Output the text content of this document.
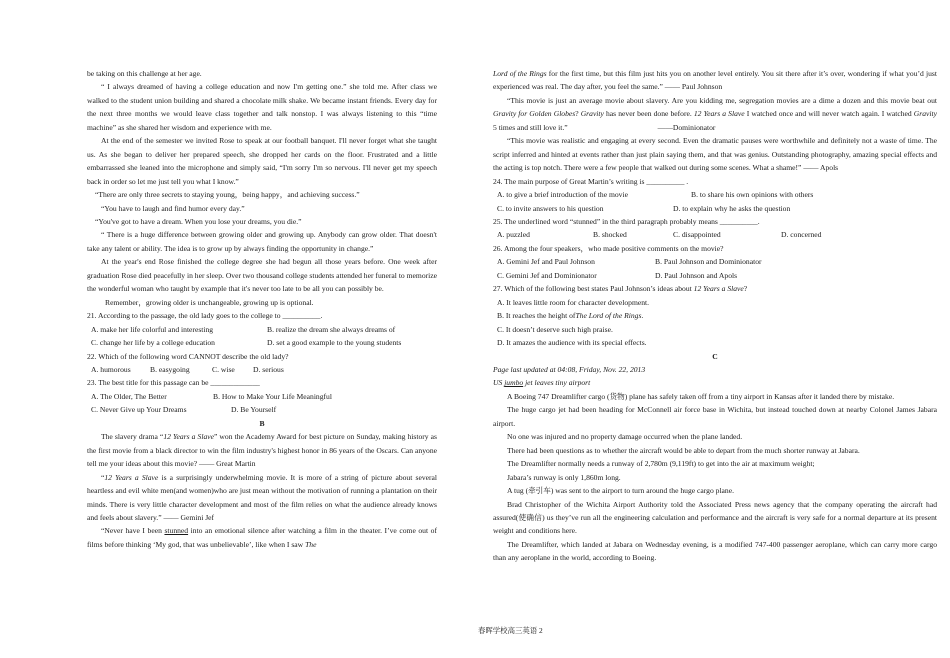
be taking on this challenge at her age.

“ I always dreamed of having a college education and now I'm getting one.” she told me. After class we walked to the student union building and shared a chocolate milk shake. We became instant friends. Every day for the next three months we would leave class together and talk nonstop. I was always listening to this “time machine” as she shared her wisdom and experience with me.

At the end of the semester we invited Rose to speak at our football banquet. I'll never forget what she taught us. As she began to deliver her prepared speech, she dropped her cards on the floor. Frustrated and a little embarrassed she leaned into the microphone and simply said, “I'm sorry I'm so nervous. I'll never get my speech back in order so let me just tell you what I know.”

“There are only three secrets to staying young，being happy，and achieving success.”

“You have to laugh and find humor every day.”

“You've got to have a dream. When you lose your dreams, you die.”

“ There is a huge difference between growing older and growing up. Anybody can grow older. That doesn't take any talent or ability. The idea is to grow up by always finding the opportunity in change.”

At the year's end Rose finished the college degree she had begun all those years before. One week after graduation Rose died peacefully in her sleep. Over two thousand college students attended her funeral to memorize the wonderful woman who taught by example that it's never too late to be all you can possibly be.

Remember，growing older is unchangeable, growing up is optional.

21. According to the passage, the old lady goes to the college to __________.

A. make her life colorful and interesting	B. realize the dream she always dreams of
C. change her life by a college education	D. set a good example to the young students

22. Which of the following word CANNOT describe the old lady?

A. humorous	B. easygoing	C. wise	D. serious

23. The best title for this passage can be _____________

A. The Older, The Better	B. How to Make Your Life Meaningful
C. Never Give up Your Dreams	D. Be Yourself

B

The slavery drama “12 Years a Slave” won the Academy Award for best picture on Sunday, making history as the first movie from a black director to win the film industry's highest honor in 86 years of the Oscars. Can anyone tell me your ideas about this movie? —— Great Martin

“12 Years a Slave is a surprisingly underwhelming movie. It is more of a string of picture about several heartless and evil white men(and women)who are just mean without the motivation of running a plantation on their minds. There is very little character development and most of the film relies on what the audience already knows and feels about slavery.” —— Gemini Jef

“Never have I been stunned into an emotional silence after watching a film in the theater. I’ve come out of films before thinking ‘My god, that was unbelievable’, like when I saw The

Lord of the Rings for the first time, but this film just hits you on another level entirely. You sit there after it’s over, wondering if what you’d just experienced was real. The day after, you feel the same.” —— Paul Johnson

“This movie is just an average movie about slavery. Are you kidding me, segregation movies are a dime a dozen and this movie beat out Gravity for Golden Globes? Gravity has never been done before. 12 Years a Slave I watched once and will never watch again. I watched Gravity 5 times and still love it.”	——Dominionator

“This movie was realistic and engaging at every second. Even the dramatic pauses were worthwhile and definitely not a waste of time. The script inferred and hinted at events rather than just plain saying them, and that was genius. Outstanding photography, amazing special effects and the acting is top notch. There were a few people that walked out during some scenes. What a shame!” —— Apols

24. The main purpose of Great Martin’s writing is __________ .

A. to give a brief introduction of the movie	B. to share his own opinions with others
C. to invite answers to his question	D. to explain why he asks the question

25. The underlined word “stunned” in the third paragraph probably means __________.

A. puzzled	B. shocked	C. disappointed	D. concerned

26. Among the four speakers，who made positive comments on the movie?

A. Gemini Jef and Paul Johnson	B. Paul Johnson and Dominionator
C. Gemini Jef and Dominionator	D. Paul Johnson and Apols

27. Which of the following best states Paul Johnson’s ideas about 12 Years a Slave?

A. It leaves little room for character development.
B. It reaches the height ofThe Lord of the Rings.
C. It doesn’t deserve such high praise.
D. It amazes the audience with its special effects.

C

Page last updated at 04:08, Friday, Nov. 22, 2013

US jumbo jet leaves tiny airport

A Boeing 747 Dreamlifter cargo (货物) plane has safely taken off from a tiny airport in Kansas after it landed there by mistake.

The huge cargo jet had been heading for McConnell air force base in Wichita, but instead touched down at nearby Colonel James Jabara airport.

No one was injured and no property damage occurred when the plane landed.

There had been questions as to whether the aircraft would be able to depart from the much shorter runway at Jabara.

The Dreamlifter normally needs a runway of 2,780m (9,119ft) to get into the air at maximum weight;

Jabara’s runway is only 1,860m long.

A tug (牵引车) was sent to the airport to turn around the huge cargo plane.

Brad Christopher of the Wichita Airport Authority told the Associated Press news agency that the company operating the aircraft had assured(使确信) us they’ve run all the engineering calculation and performance and the aircraft is very safe for a normal departure at its present weight and conditions here.

The Dreamlifter, which landed at Jabara on Wednesday evening, is a modified 747-400 passenger aeroplane, which can carry more cargo than any aeroplane in the world, according to Boeing.

春晖学校高三英语 2
